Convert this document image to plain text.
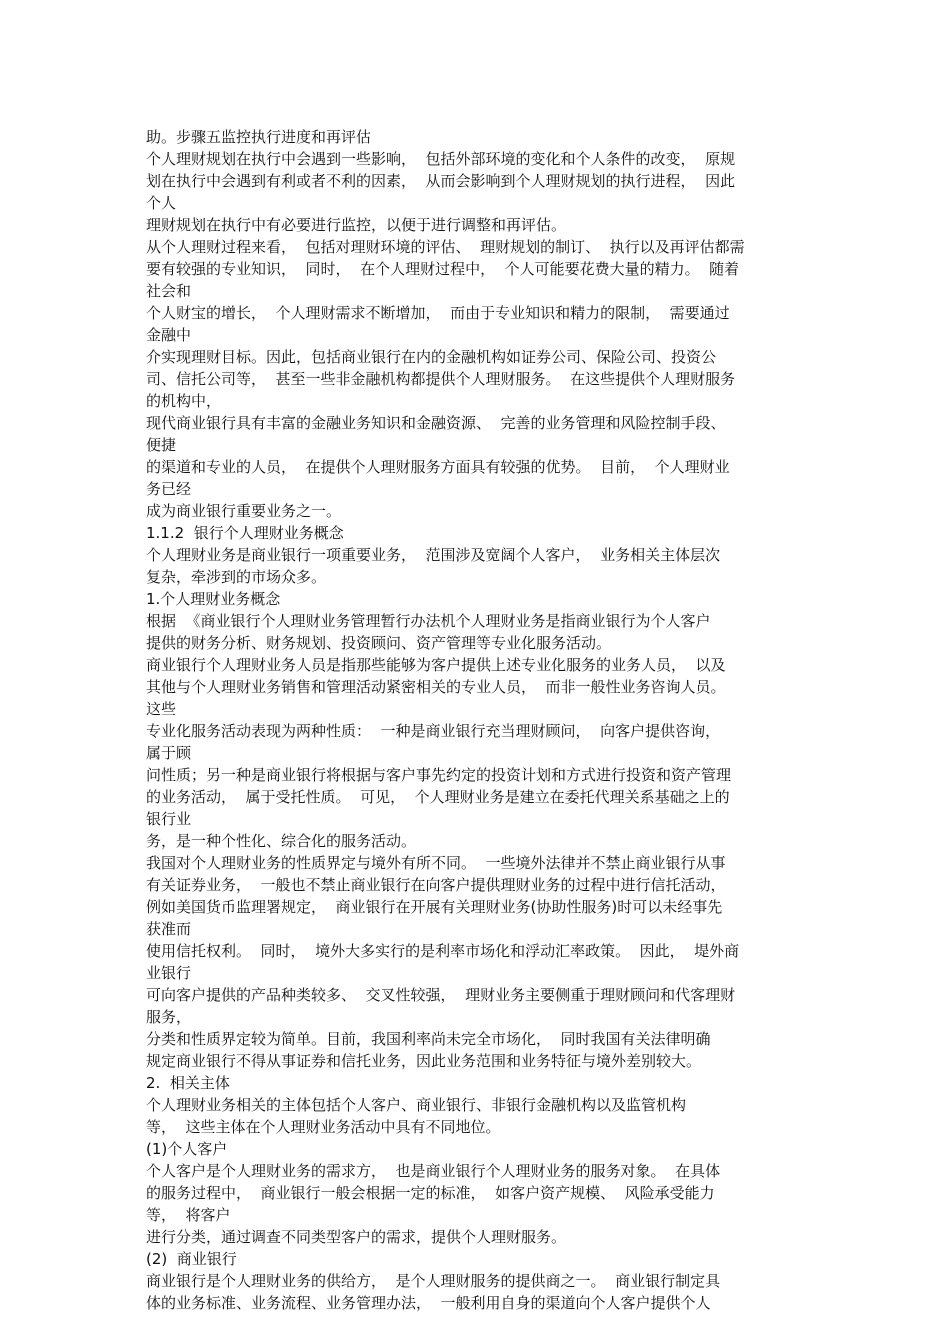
助。步骤五监控执行进度和再评估
个人理财规划在执行中会遇到一些影响，  包括外部环境的变化和个人条件的改变，  原规
划在执行中会遇到有利或者不利的因素，  从而会影响到个人理财规划的执行进程，  因此
个人
理财规划在执行中有必要进行监控，以便于进行调整和再评估。
从个人理财过程来看，  包括对理财环境的评估、  理财规划的制订、  执行以及再评估都需
要有较强的专业知识，  同时，  在个人理财过程中，  个人可能要花费大量的精力。  随着
社会和
个人财宝的增长，  个人理财需求不断增加，  而由于专业知识和精力的限制，  需要通过
金融中
介实现理财目标。因此，包括商业银行在内的金融机构如证券公司、保险公司、投资公
司、信托公司等，  甚至一些非金融机构都提供个人理财服务。  在这些提供个人理财服务
的机构中，
现代商业银行具有丰富的金融业务知识和金融资源、  完善的业务管理和风险控制手段、
便捷
的渠道和专业的人员，  在提供个人理财服务方面具有较强的优势。  目前，  个人理财业
务已经
成为商业银行重要业务之一。
1.1.2  银行个人理财业务概念
个人理财业务是商业银行一项重要业务，  范围涉及宽阔个人客户，  业务相关主体层次
复杂，牵涉到的市场众多。
1.个人理财业务概念
根据  《商业银行个人理财业务管理暂行办法机个人理财业务是指商业银行为个人客户
提供的财务分析、财务规划、投资顾问、资产管理等专业化服务活动。
商业银行个人理财业务人员是指那些能够为客户提供上述专业化服务的业务人员，  以及
其他与个人理财业务销售和管理活动紧密相关的专业人员，  而非一般性业务咨询人员。
这些
专业化服务活动表现为两种性质：  一种是商业银行充当理财顾问，  向客户提供咨询，
属于顾
问性质；另一种是商业银行将根据与客户事先约定的投资计划和方式进行投资和资产管理
的业务活动，  属于受托性质。  可见，  个人理财业务是建立在委托代理关系基础之上的
银行业
务，是一种个性化、综合化的服务活动。
我国对个人理财业务的性质界定与境外有所不同。  一些境外法律并不禁止商业银行从事
有关证券业务，  一般也不禁止商业银行在向客户提供理财业务的过程中进行信托活动，
例如美国货币监理署规定，  商业银行在开展有关理财业务(协助性服务)时可以未经事先
获准而
使用信托权利。  同时，  境外大多实行的是利率市场化和浮动汇率政策。  因此，  堤外商
业银行
可向客户提供的产品种类较多、  交叉性较强，  理财业务主要侧重于理财顾问和代客理财
服务，
分类和性质界定较为简单。目前，我国利率尚未完全市场化，  同时我国有关法律明确
规定商业银行不得从事证券和信托业务，因此业务范围和业务特征与境外差别较大。
2.  相关主体
个人理财业务相关的主体包括个人客户、商业银行、非银行金融机构以及监管机构
等，  这些主体在个人理财业务活动中具有不同地位。
(1)个人客户
个人客户是个人理财业务的需求方，  也是商业银行个人理财业务的服务对象。  在具体
的服务过程中，  商业银行一般会根据一定的标准，  如客户资产规模、  风险承受能力
等，  将客户
进行分类，通过调查不同类型客户的需求，提供个人理财服务。
(2)  商业银行
商业银行是个人理财业务的供给方，  是个人理财服务的提供商之一。  商业银行制定具
体的业务标准、业务流程、业务管理办法，  一般利用自身的渠道向个人客户提供个人
